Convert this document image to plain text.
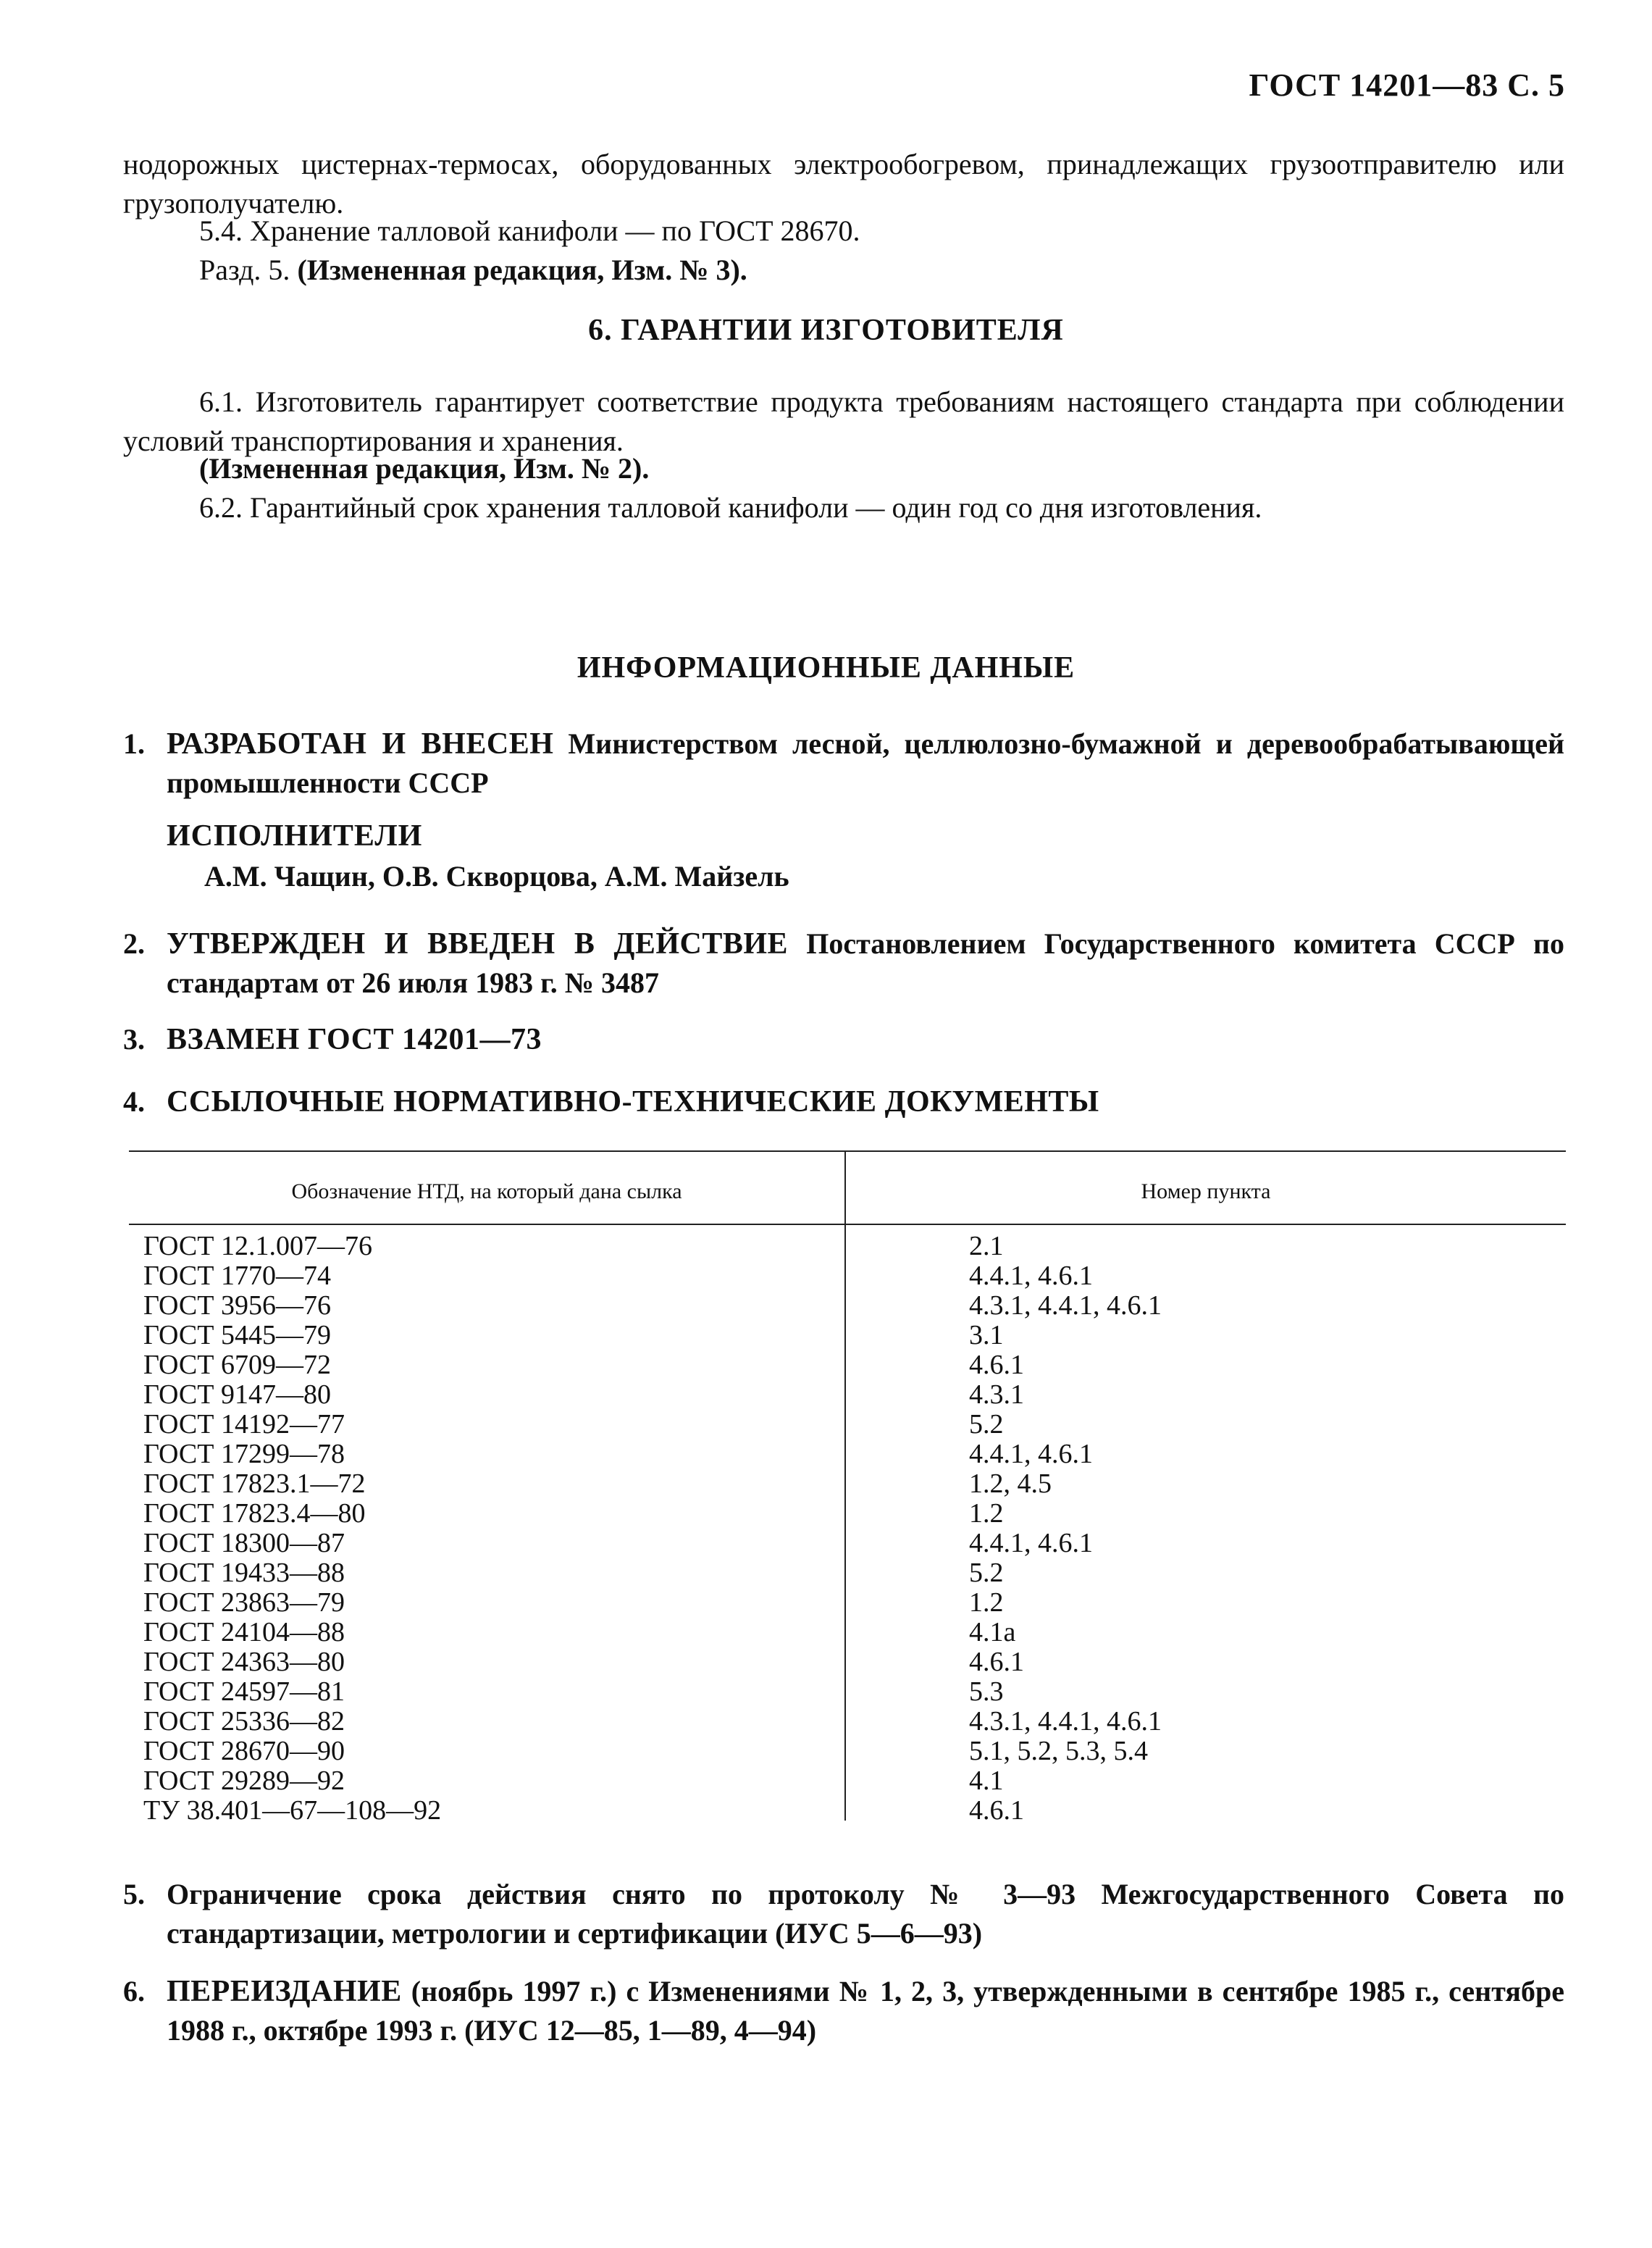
ГОСТ 14201—83 С. 5
нодорожных цистернах-термосах, оборудованных электрообогревом, принадлежащих грузоотправителю или грузополучателю.
5.4. Хранение талловой канифоли — по ГОСТ 28670.
Разд. 5. (Измененная редакция, Изм. № 3).
6. ГАРАНТИИ ИЗГОТОВИТЕЛЯ
6.1. Изготовитель гарантирует соответствие продукта требованиям настоящего стандарта при соблюдении условий транспортирования и хранения.
(Измененная редакция, Изм. № 2).
6.2. Гарантийный срок хранения талловой канифоли — один год со дня изготовления.
ИНФОРМАЦИОННЫЕ ДАННЫЕ
1. РАЗРАБОТАН И ВНЕСЕН Министерством лесной, целлюлозно-бумажной и деревообрабатывающей промышленности СССР
ИСПОЛНИТЕЛИ
А.М. Чащин, О.В. Скворцова, А.М. Майзель
2. УТВЕРЖДЕН И ВВЕДЕН В ДЕЙСТВИЕ Постановлением Государственного комитета СССР по стандартам от 26 июля 1983 г. № 3487
3. ВЗАМЕН ГОСТ 14201—73
4. ССЫЛОЧНЫЕ НОРМАТИВНО-ТЕХНИЧЕСКИЕ ДОКУМЕНТЫ
Обозначение НТД, на который дана сылка	Номер пункта
ГОСТ 12.1.007—76
ГОСТ 1770—74
ГОСТ 3956—76
ГОСТ 5445—79
ГОСТ 6709—72
ГОСТ 9147—80
ГОСТ 14192—77
ГОСТ 17299—78
ГОСТ 17823.1—72
ГОСТ 17823.4—80
ГОСТ 18300—87
ГОСТ 19433—88
ГОСТ 23863—79
ГОСТ 24104—88
ГОСТ 24363—80
ГОСТ 24597—81
ГОСТ 25336—82
ГОСТ 28670—90
ГОСТ 29289—92
ТУ 38.401—67—108—92
2.1
4.4.1, 4.6.1
4.3.1, 4.4.1, 4.6.1
3.1
4.6.1
4.3.1
5.2
4.4.1, 4.6.1
1.2, 4.5
1.2
4.4.1, 4.6.1
5.2
1.2
4.1а
4.6.1
5.3
4.3.1, 4.4.1, 4.6.1
5.1, 5.2, 5.3, 5.4
4.1
4.6.1
5. Ограничение срока действия снято по протоколу № 3—93 Межгосударственного Совета по стандартизации, метрологии и сертификации (ИУС 5—6—93)
6. ПЕРЕИЗДАНИЕ (ноябрь 1997 г.) с Изменениями № 1, 2, 3, утвержденными в сентябре 1985 г., сентябре 1988 г., октябре 1993 г. (ИУС 12—85, 1—89, 4—94)
